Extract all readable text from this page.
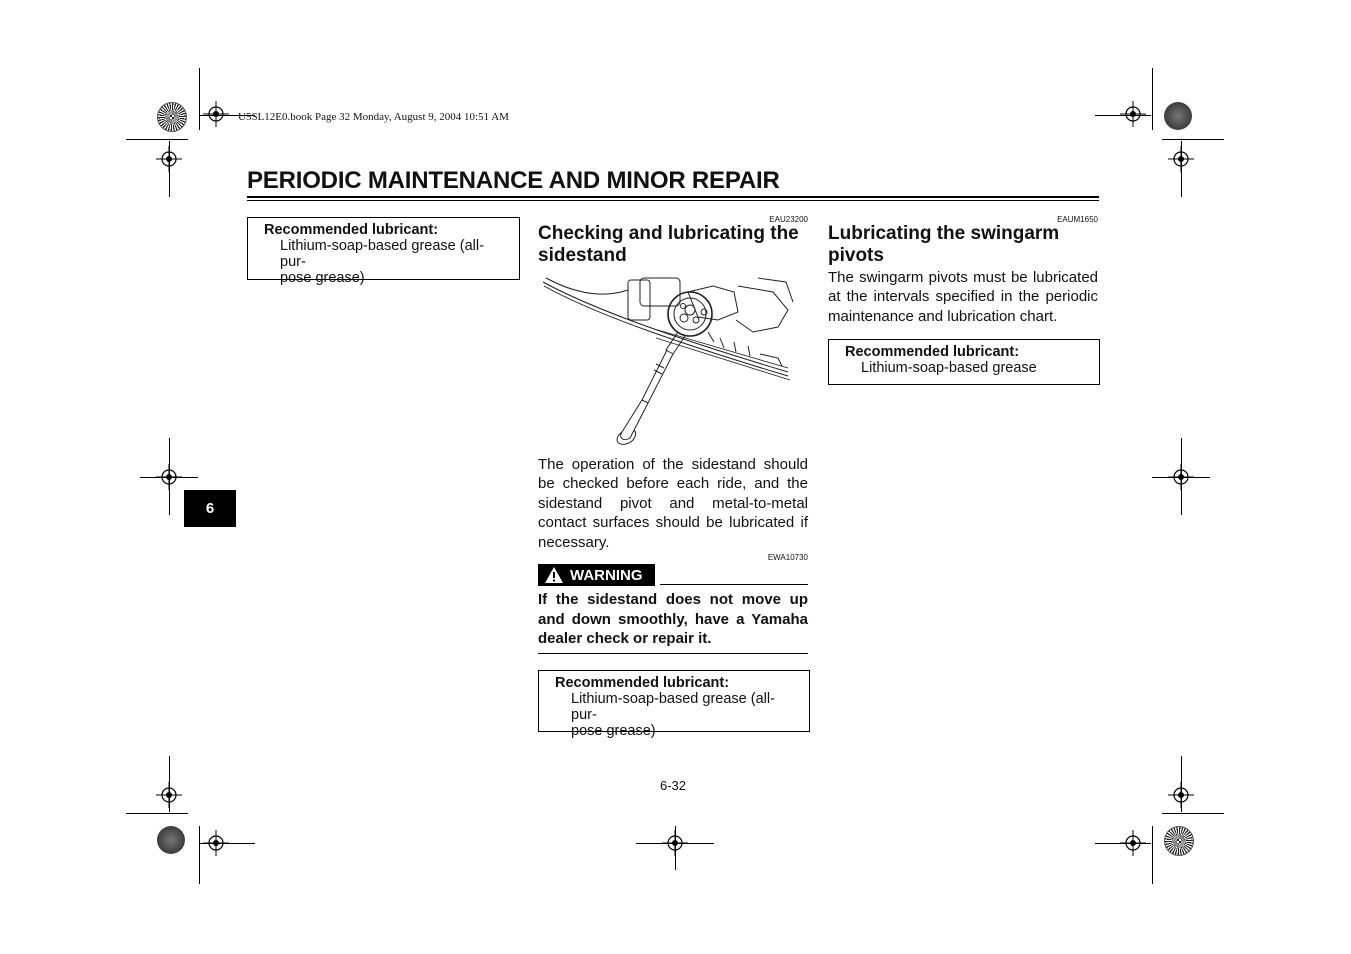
U5SL12E0.book Page 32 Monday, August 9, 2004 10:51 AM
PERIODIC MAINTENANCE AND MINOR REPAIR
6
Recommended lubricant:
Lithium-soap-based grease (all-pur-
pose grease)
EAU23200
Checking and lubricating the
sidestand
The operation of the sidestand should be checked before each ride, and the sidestand pivot and metal-to-metal contact surfaces should be lubricated if necessary.
EWA10730
WARNING
If the sidestand does not move up and down smoothly, have a Yamaha dealer check or repair it.
Recommended lubricant:
Lithium-soap-based grease (all-pur-
pose grease)
EAUM1650
Lubricating the swingarm
pivots
The swingarm pivots must be lubricated at the intervals specified in the periodic maintenance and lubrication chart.
Recommended lubricant:
Lithium-soap-based grease
6-32
